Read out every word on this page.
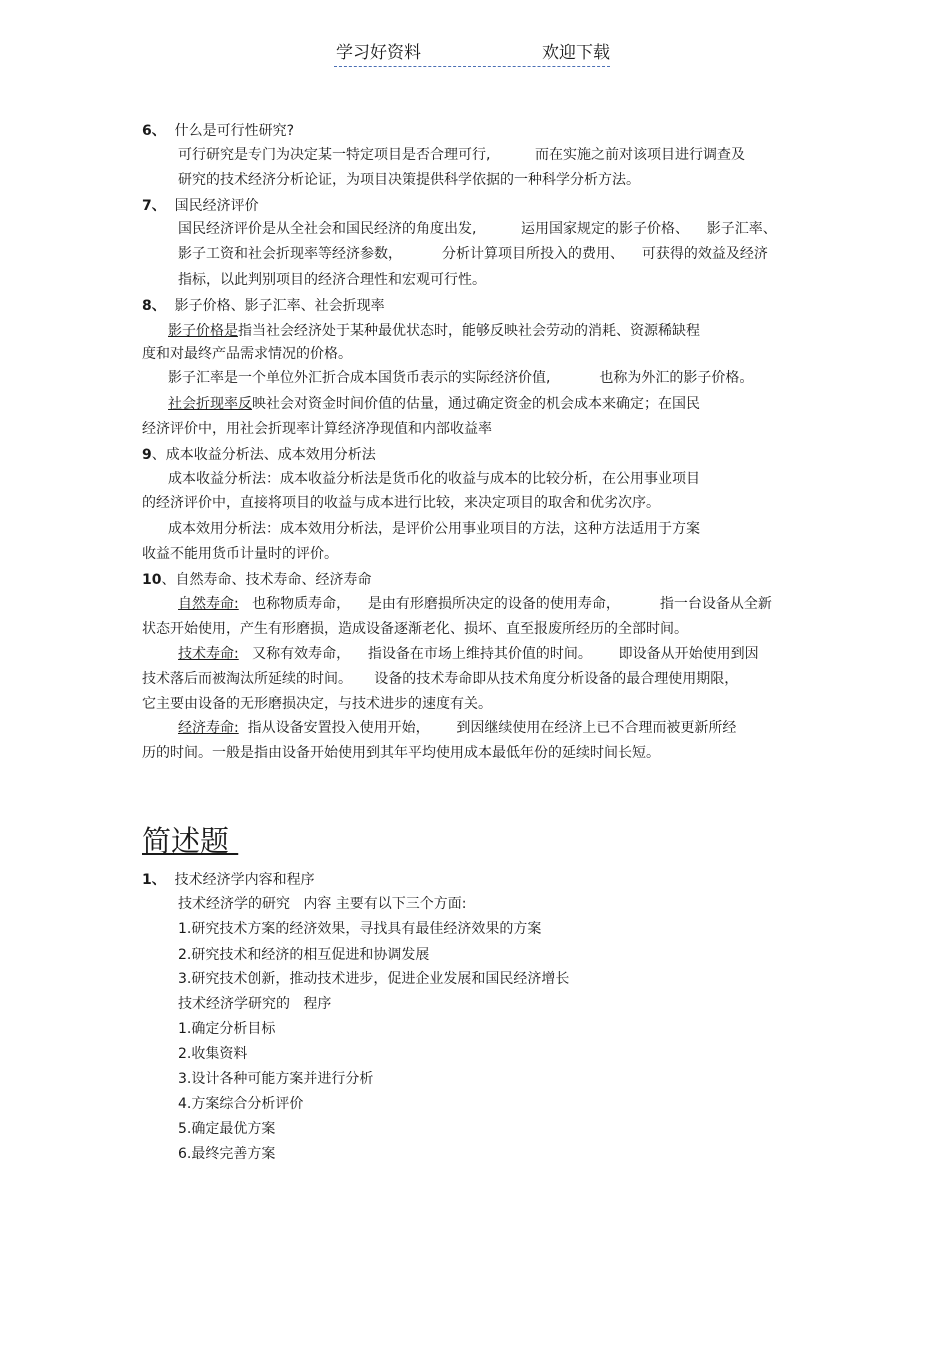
学习好资料	欢迎下载
6、 什么是可行性研究?
可行研究是专门为决定某一特定项目是否合理可行,          而在实施之前对该项目进行调查及
研究的技术经济分析论证，为项目决策提供科学依据的一种科学分析方法。
7、 国民经济评价
国民经济评价是从全社会和国民经济的角度出发,          运用国家规定的影子价格、    影子汇率、
影子工资和社会折现率等经济参数，         分析计算项目所投入的费用、    可获得的效益及经济
指标，以此判别项目的经济合理性和宏观可行性。
8、 影子价格、影子汇率、社会折现率
影子价格是指当社会经济处于某种最优状态时，能够反映社会劳动的消耗、资源稀缺程
度和对最终产品需求情况的价格。
影子汇率是一个单位外汇折合成本国货币表示的实际经济价值,           也称为外汇的影子价格。
社会折现率反映社会对资金时间价值的估量，通过确定资金的机会成本来确定；在国民
经济评价中，用社会折现率计算经济净现值和内部收益率
9、成本收益分析法、成本效用分析法
成本收益分析法：成本收益分析法是货币化的收益与成本的比较分析，在公用事业项目
的经济评价中，直接将项目的收益与成本进行比较，来决定项目的取舍和优劣次序。
成本效用分析法：成本效用分析法，是评价公用事业项目的方法，这种方法适用于方案
收益不能用货币计量时的评价。
10、自然寿命、技术寿命、经济寿命
自然寿命:   也称物质寿命，    是由有形磨损所决定的设备的使用寿命，         指一台设备从全新
状态开始使用，产生有形磨损，造成设备逐渐老化、损坏、直至报废所经历的全部时间。
技术寿命:   又称有效寿命，    指设备在市场上维持其价值的时间。      即设备从开始使用到因
技术落后而被淘汰所延续的时间。     设备的技术寿命即从技术角度分析设备的最合理使用期限，
它主要由设备的无形磨损决定，与技术进步的速度有关。
经济寿命:  指从设备安置投入使用开始，      到因继续使用在经济上已不合理而被更新所经
历的时间。一般是指由设备开始使用到其年平均使用成本最低年份的延续时间长短。
简述题
1、 技术经济学内容和程序
技术经济学的研究   内容 主要有以下三个方面:
1.研究技术方案的经济效果，寻找具有最佳经济效果的方案
2.研究技术和经济的相互促进和协调发展
3.研究技术创新，推动技术进步，促进企业发展和国民经济增长
技术经济学研究的   程序
1.确定分析目标
2.收集资料
3.设计各种可能方案并进行分析
4.方案综合分析评价
5.确定最优方案
6.最终完善方案
